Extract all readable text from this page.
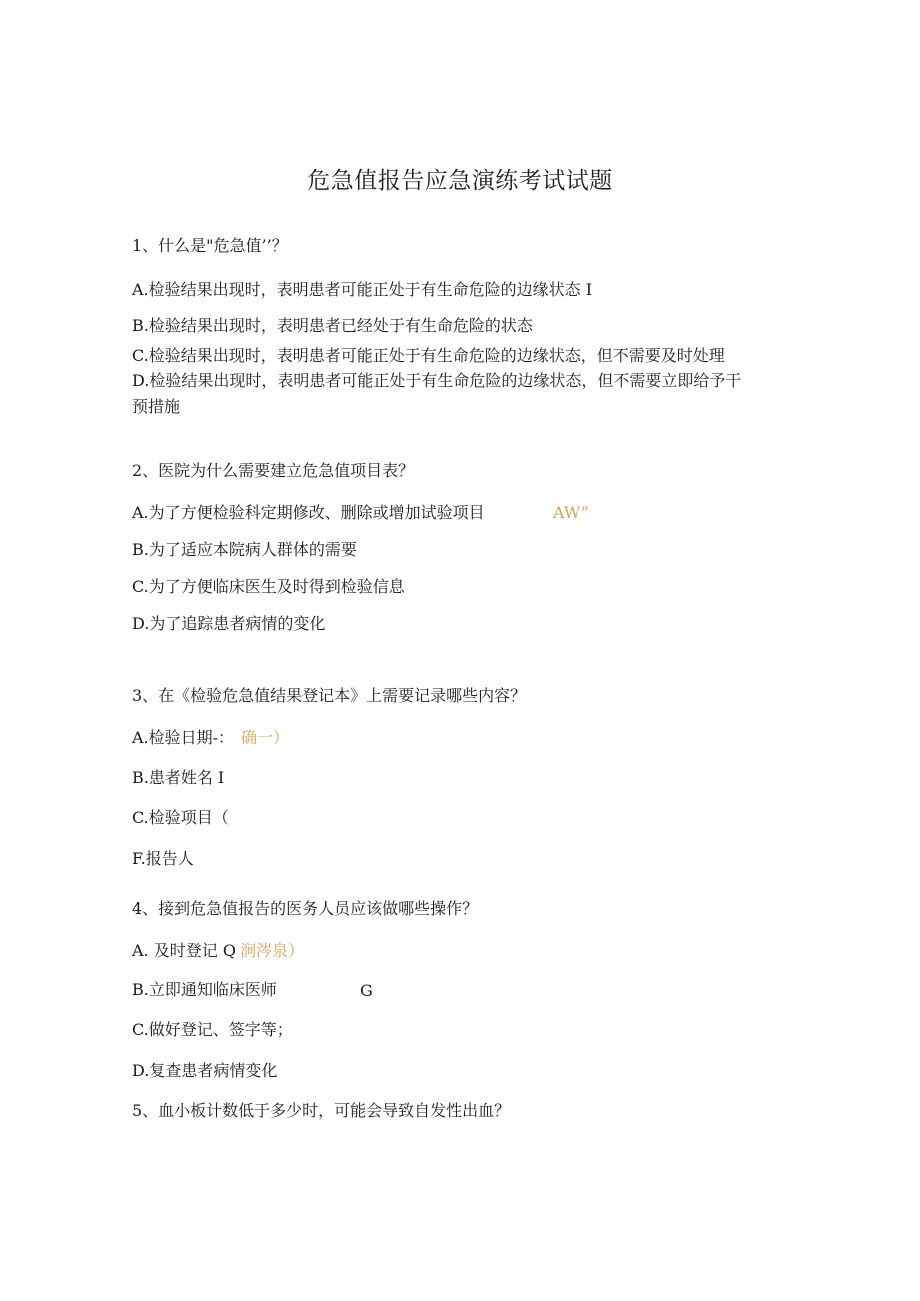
危急值报告应急演练考试试题
1、什么是"危急值’’？
A.检验结果出现时，表明患者可能正处于有生命危险的边缘状态 I
B.检验结果出现时，表明患者已经处于有生命危险的状态
C.检验结果出现时，表明患者可能正处于有生命危险的边缘状态，但不需要及时处理
D.检验结果出现时，表明患者可能正处于有生命危险的边缘状态，但不需要立即给予干
预措施
2、医院为什么需要建立危急值项目表？
A.为了方便检验科定期修改、删除或增加试验项目	AW”
B.为了适应本院病人群体的需要
C.为了方便临床医生及时得到检验信息
D.为了追踪患者病情的变化
3、在《检验危急值结果登记本》上需要记录哪些内容？
A.检验日期-： 确一）
B.患者姓名 I
C.检验项目（
F.报告人
4、接到危急值报告的医务人员应该做哪些操作？
A. 及时登记 Q 涧涔泉）
B.立即通知临床医师	G
C.做好登记、签字等；
D.复查患者病情变化
5、血小板计数低于多少时，可能会导致自发性出血？
